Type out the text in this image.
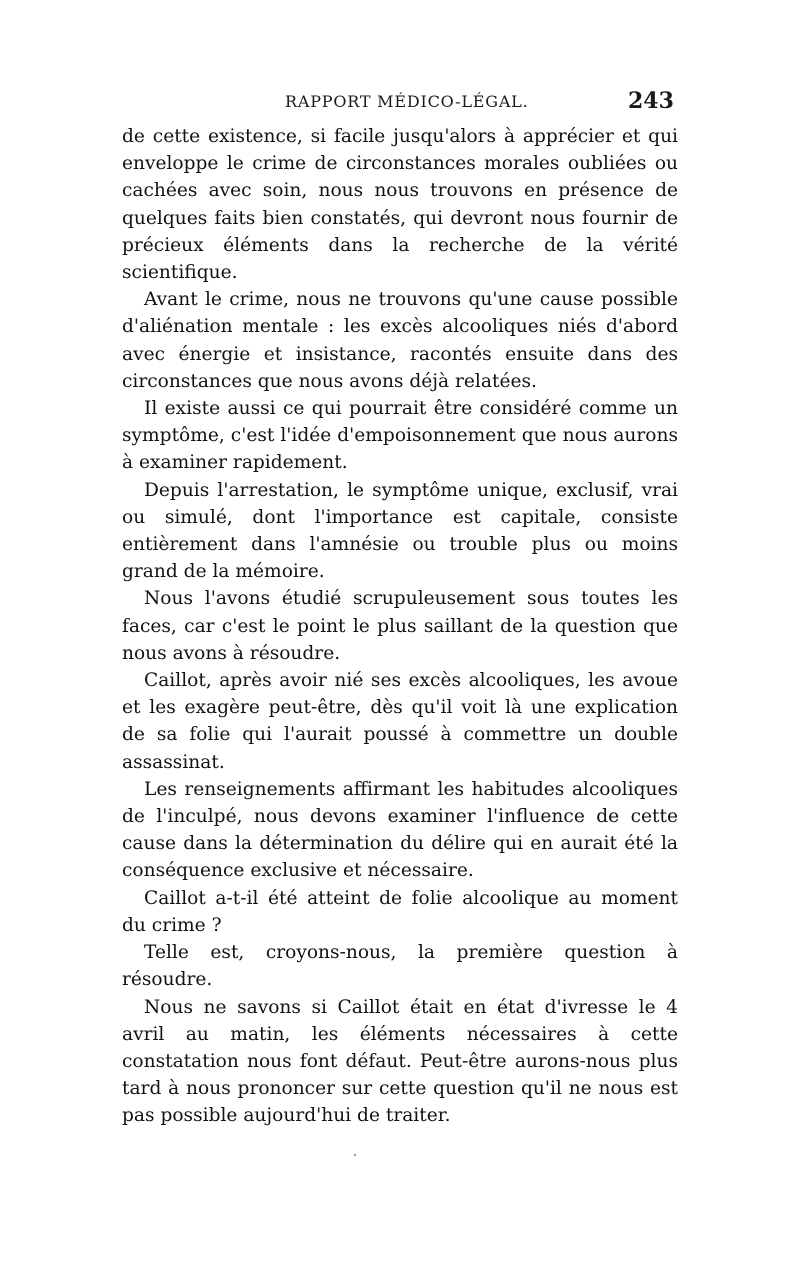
RAPPORT MÉDICO-LÉGAL.	243

de cette existence, si facile jusqu'alors à apprécier et qui enveloppe le crime de circonstances morales oubliées ou cachées avec soin, nous nous trouvons en présence de quelques faits bien constatés, qui devront nous fournir de précieux éléments dans la recherche de la vérité scientifique.

Avant le crime, nous ne trouvons qu'une cause possible d'aliénation mentale : les excès alcooliques niés d'abord avec énergie et insistance, racontés ensuite dans des circonstances que nous avons déjà relatées.

Il existe aussi ce qui pourrait être considéré comme un symptôme, c'est l'idée d'empoisonnement que nous aurons à examiner rapidement.

Depuis l'arrestation, le symptôme unique, exclusif, vrai ou simulé, dont l'importance est capitale, consiste entièrement dans l'amnésie ou trouble plus ou moins grand de la mémoire.

Nous l'avons étudié scrupuleusement sous toutes les faces, car c'est le point le plus saillant de la question que nous avons à résoudre.

Caillot, après avoir nié ses excès alcooliques, les avoue et les exagère peut-être, dès qu'il voit là une explication de sa folie qui l'aurait poussé à commettre un double assassinat.

Les renseignements affirmant les habitudes alcooliques de l'inculpé, nous devons examiner l'influence de cette cause dans la détermination du délire qui en aurait été la conséquence exclusive et nécessaire.

Caillot a-t-il été atteint de folie alcoolique au moment du crime ?

Telle est, croyons-nous, la première question à résoudre.

Nous ne savons si Caillot était en état d'ivresse le 4 avril au matin, les éléments nécessaires à cette constatation nous font défaut. Peut-être aurons-nous plus tard à nous prononcer sur cette question qu'il ne nous est pas possible aujourd'hui de traiter.
